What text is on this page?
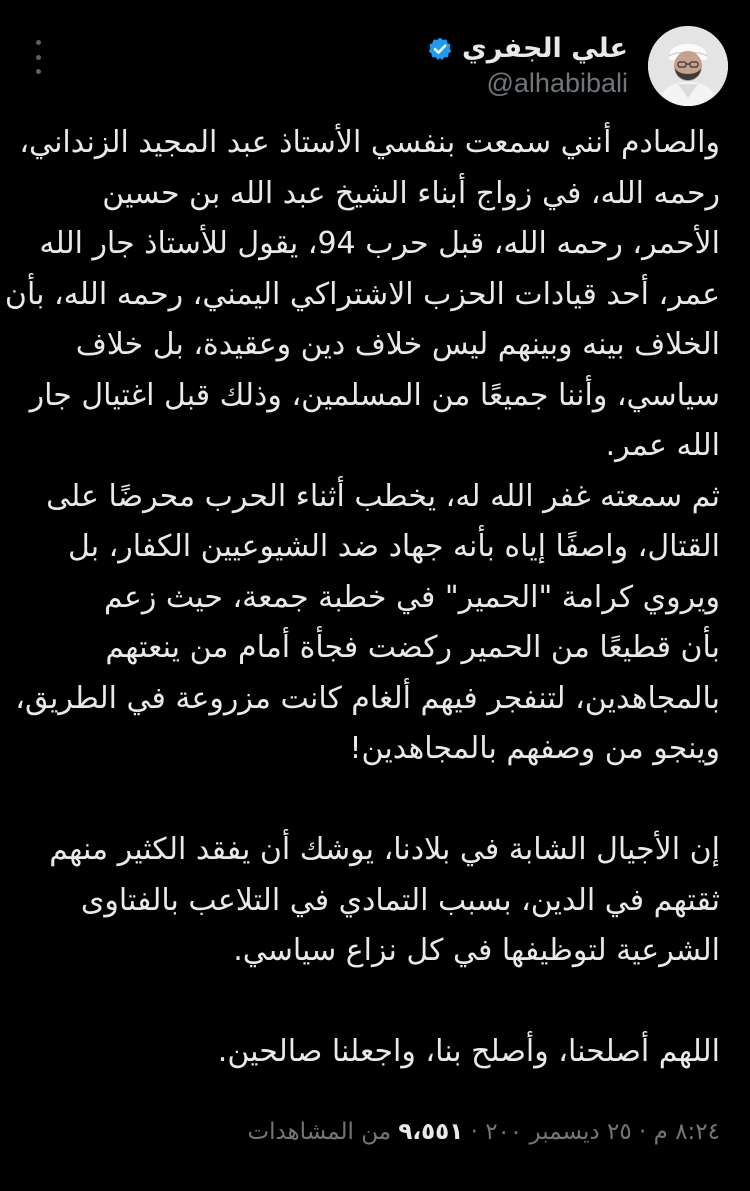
علي الجفري
@alhabibali
والصادم أنني سمعت بنفسي الأستاذ عبد المجيد الزنداني،
رحمه الله، في زواج أبناء الشيخ عبد الله بن حسين
الأحمر، رحمه الله، قبل حرب 94، يقول للأستاذ جار الله
عمر، أحد قيادات الحزب الاشتراكي اليمني، رحمه الله، بأن
الخلاف بينه وبينهم ليس خلاف دين وعقيدة، بل خلاف
سياسي، وأننا جميعًا من المسلمين، وذلك قبل اغتيال جار
الله عمر.
ثم سمعته غفر الله له، يخطب أثناء الحرب محرضًا على
القتال، واصفًا إياه بأنه جهاد ضد الشيوعيين الكفار، بل
ويروي كرامة "الحمير" في خطبة جمعة، حيث زعم
بأن قطيعًا من الحمير ركضت فجأة أمام من ينعتهم
بالمجاهدين، لتنفجر فيهم ألغام كانت مزروعة في الطريق،
وينجو من وصفهم بالمجاهدين!
إن الأجيال الشابة في بلادنا، يوشك أن يفقد الكثير منهم
ثقتهم في الدين، بسبب التمادي في التلاعب بالفتاوى
الشرعية لتوظيفها في كل نزاع سياسي.
اللهم أصلحنا، وأصلح بنا، واجعلنا صالحين.
٨:٢٤ م · ٢٥ ديسمبر ٢٠٠ · ٩،٥٥١ من المشاهدات
